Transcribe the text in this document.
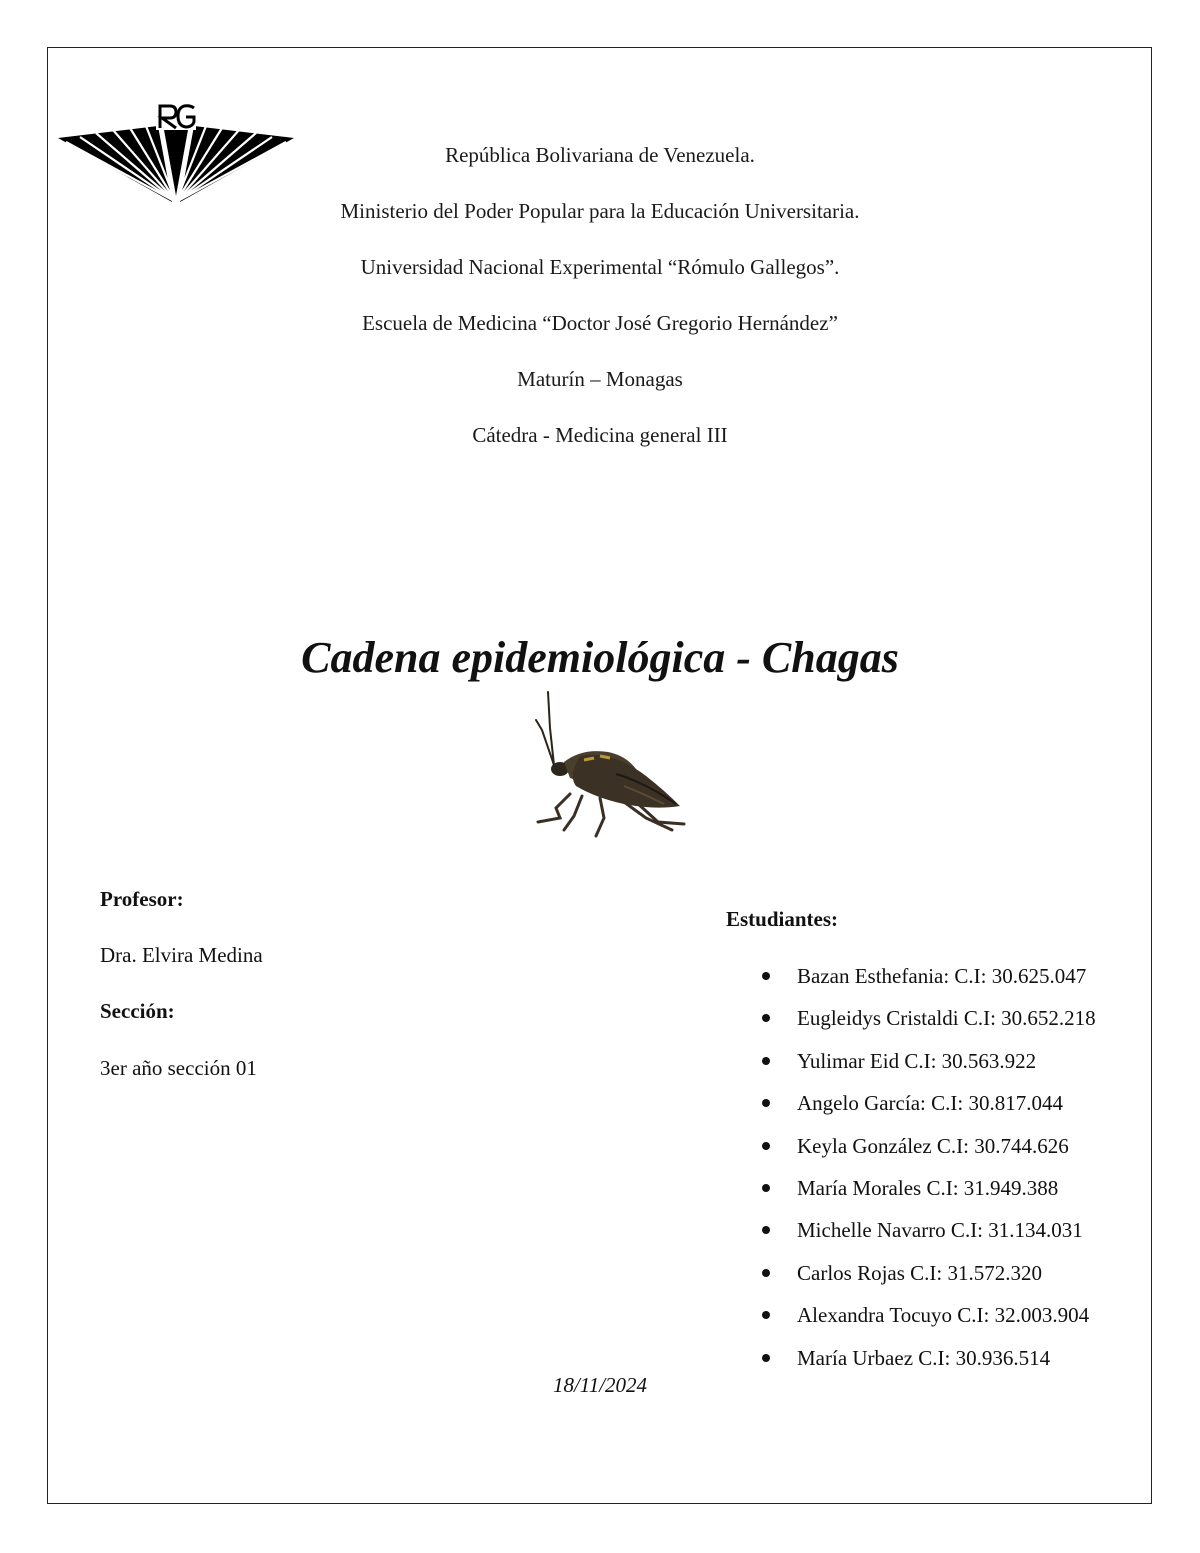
República Bolivariana de Venezuela.
Ministerio del Poder Popular para la Educación Universitaria.
Universidad Nacional Experimental “Rómulo Gallegos”.
Escuela de Medicina “Doctor José Gregorio Hernández”
Maturín – Monagas
Cátedra - Medicina general III
Cadena epidemiológica - Chagas
Profesor:
Dra. Elvira Medina
Sección:
3er año sección 01
Estudiantes:
Bazan Esthefania: C.I: 30.625.047
Eugleidys Cristaldi C.I: 30.652.218
Yulimar Eid C.I: 30.563.922
Angelo García: C.I: 30.817.044
Keyla González C.I: 30.744.626
María Morales C.I: 31.949.388
Michelle Navarro C.I: 31.134.031
Carlos Rojas C.I: 31.572.320
Alexandra Tocuyo C.I: 32.003.904
María Urbaez C.I: 30.936.514
18/11/2024
